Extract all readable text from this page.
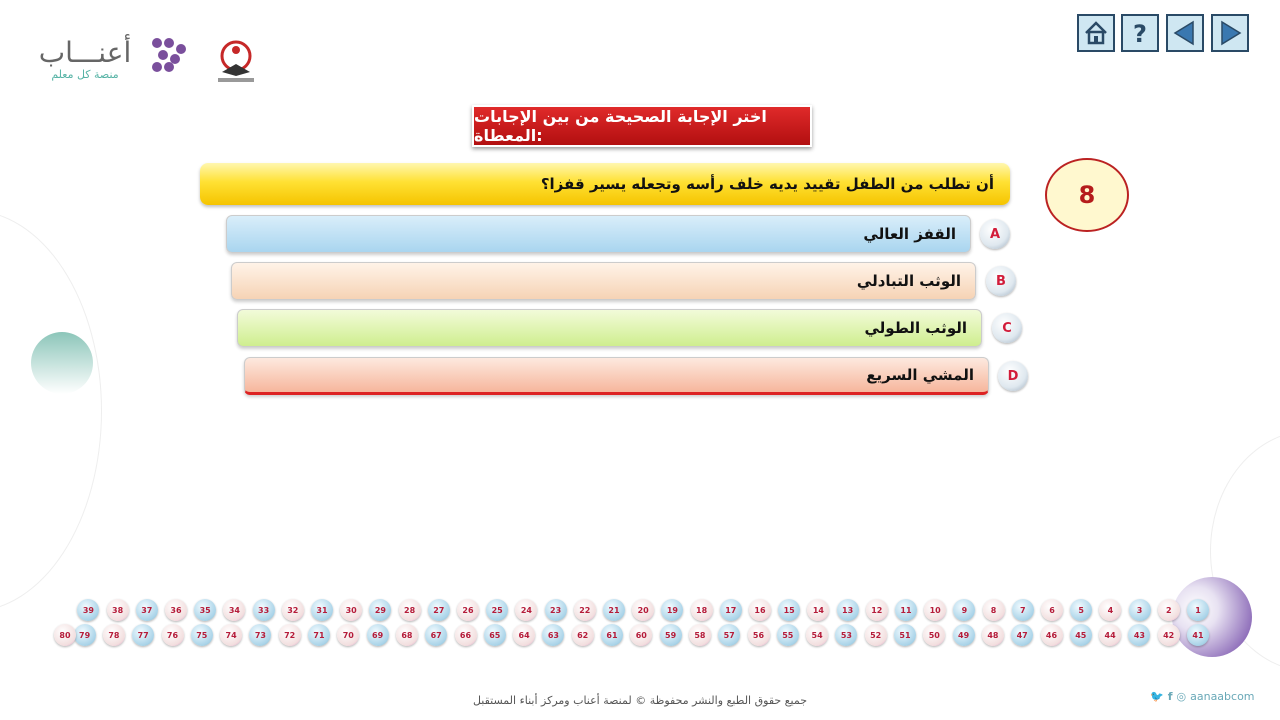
أعنـــاب
منصة كل معلم
?
اختر الإجابة الصحيحة من بين الإجابات المعطاة:
أن تطلب من الطفل تقييد يديه خلف رأسه وتجعله يسير قفزا؟	8
القفز العالي	A
الوثب التبادلي	B
الوثب الطولي	C
المشي السريع	D
1
2
3
4
5
6
7
8
9
10
11
12
13
14
15
16
17
18
19
20
21
22
23
24
25
26
27
28
29
30
31
32
33
34
35
36
37
38
39
41
42
43
44
45
46
47
48
49
50
51
52
53
54
55
56
57
58
59
60
61
62
63
64
65
66
67
68
69
70
71
72
73
74
75
76
77
78
79
80
جميع حقوق الطبع والنشر محفوظة © لمنصة أعناب ومركز أبناء المستقبل	🐦 f ◎ aanaabcom
